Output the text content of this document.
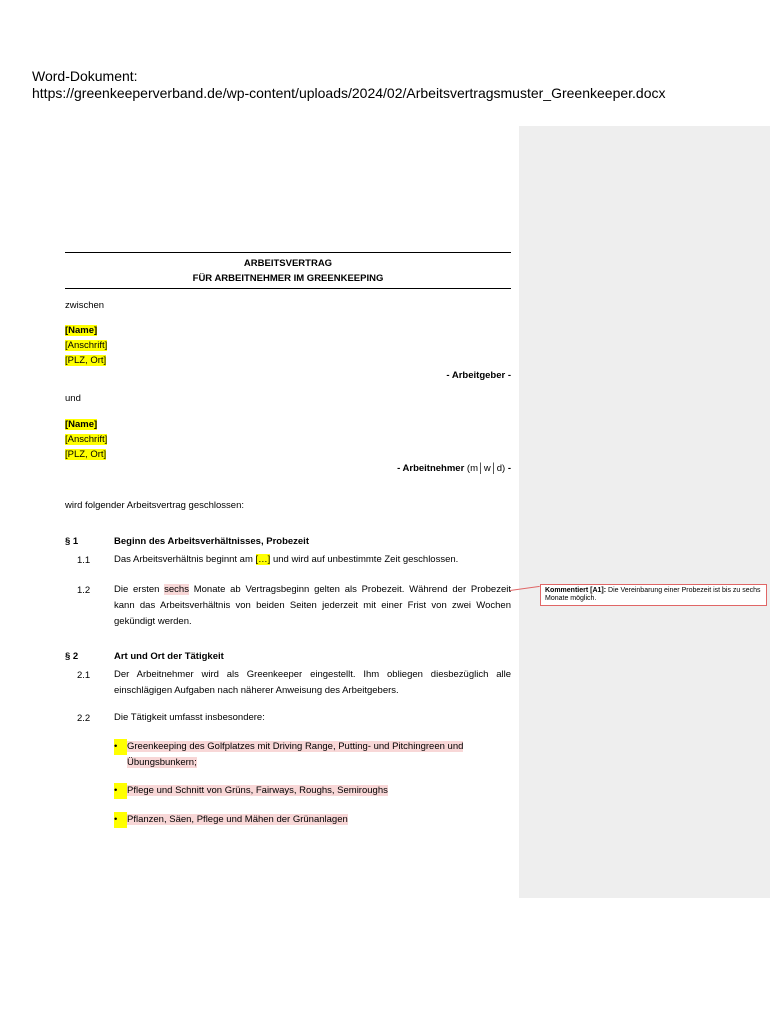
Word-Dokument:
https://greenkeeperverband.de/wp-content/uploads/2024/02/Arbeitsvertragsmuster_Greenkeeper.docx
Kommentiert [A1]: Die Vereinbarung einer Probezeit ist bis zu sechs Monate möglich.
ARBEITSVERTRAG
FÜR ARBEITNEHMER IM GREENKEEPING
zwischen
[Name]
[Anschrift]
[PLZ, Ort]
- Arbeitgeber -
und
[Name]
[Anschrift]
[PLZ, Ort]
- Arbeitnehmer (m│w│d) -
wird folgender Arbeitsvertrag geschlossen:
§ 1	Beginn des Arbeitsverhältnisses, Probezeit
1.1	Das Arbeitsverhältnis beginnt am […] und wird auf unbestimmte Zeit geschlossen.
1.2	Die ersten sechs Monate ab Vertragsbeginn gelten als Probezeit. Während der Probezeit kann das Arbeitsverhältnis von beiden Seiten jederzeit mit einer Frist von zwei Wochen gekündigt werden.
§ 2	Art und Ort der Tätigkeit
2.1	Der Arbeitnehmer wird als Greenkeeper eingestellt. Ihm obliegen diesbezüglich alle einschlägigen Aufgaben nach näherer Anweisung des Arbeitgebers.
2.2	Die Tätigkeit umfasst insbesondere:
• Greenkeeping des Golfplatzes mit Driving Range, Putting- und Pitchingreen und
Übungsbunkern;
• Pflege und Schnitt von Grüns, Fairways, Roughs, Semiroughs
• Pflanzen, Säen, Pflege und Mähen der Grünanlagen
